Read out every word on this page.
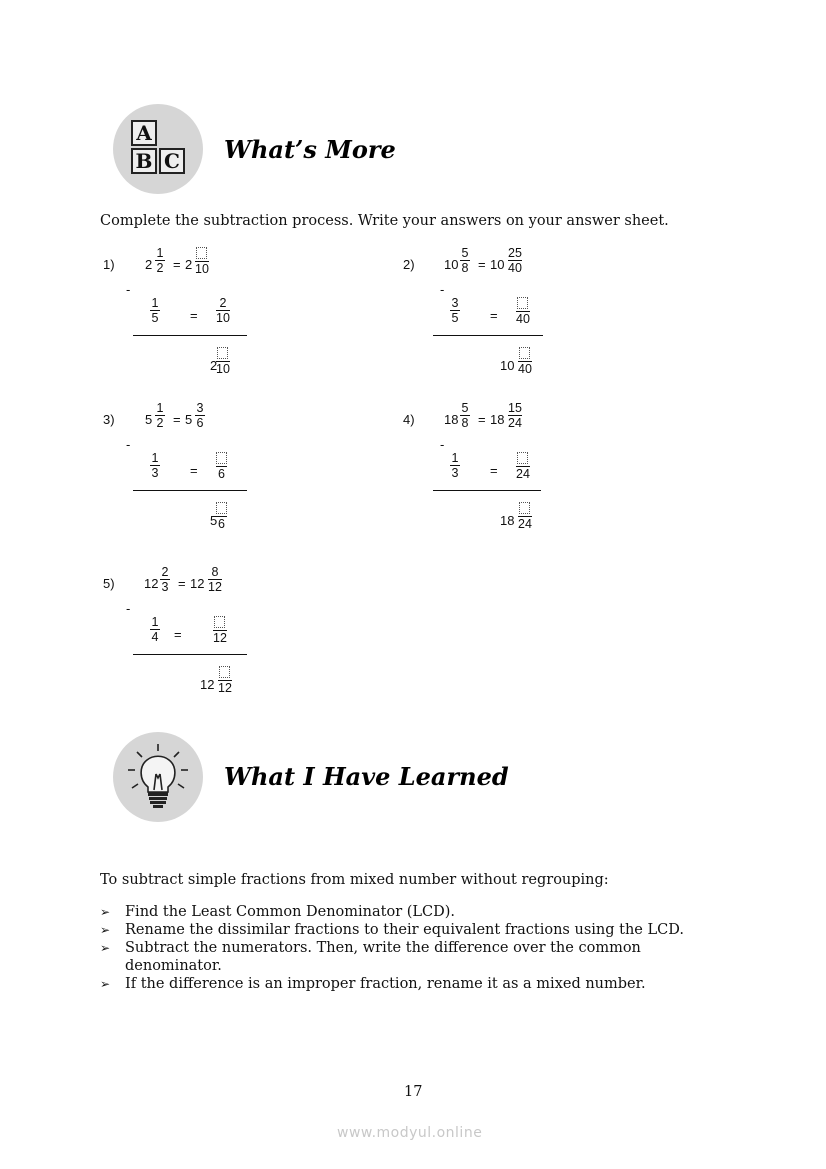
A
B C What’s More
Complete the subtraction process. Write your answers on your answer sheet.
1) 2
1
2 = 2 10
-
1
5 =
2
10
2
10
2) 10
5
8 = 10
25
40
-
3
5 = 40
10 40
3) 5
1
2 = 5
3
6
-
1
3 = 6
5 6
4) 18
5
8 = 18
15
24
-
1
3 = 24
18 24
5) 12
2
3 = 12
8
12
-
1
4 =	12
12 12
What I Have Learned
To subtract simple fractions from mixed number without regrouping:
➢ Find the Least Common Denominator (LCD).
➢ Rename the dissimilar fractions to their equivalent fractions using the LCD.
➢ Subtract the numerators. Then, write the difference over the common denominator.
➢ If the difference is an improper fraction, rename it as a mixed number.
17
www.modyul.online
